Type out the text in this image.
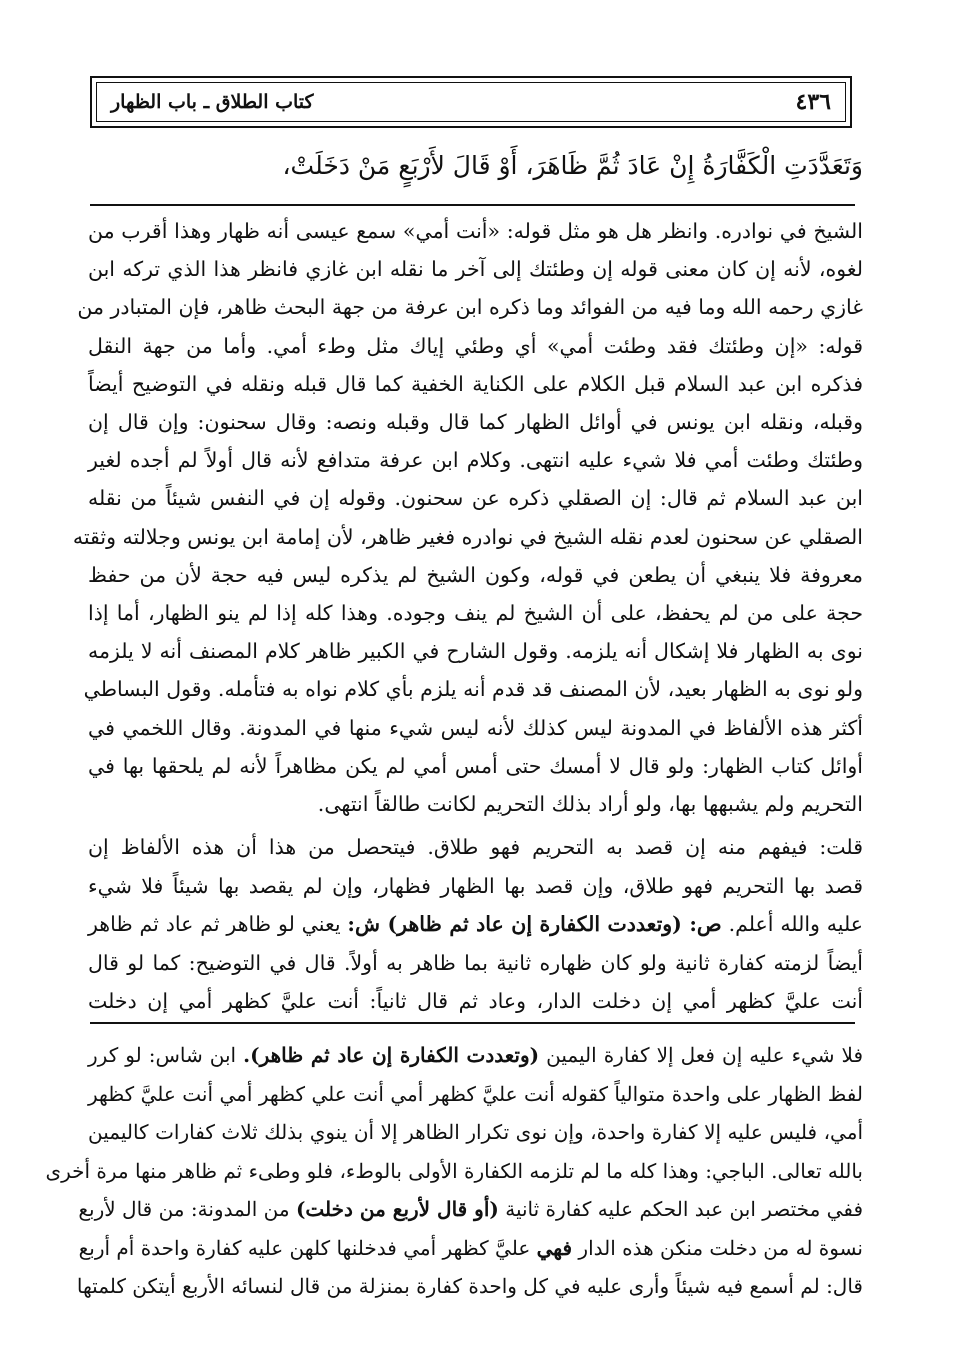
٤٣٦
كتاب الطلاق ـ باب الظهار
وَتَعَدَّدَتِ الْكَفَّارَةُ إِنْ عَادَ ثُمَّ ظَاهَرَ، أَوْ قَالَ لأَرْبَعٍ مَنْ دَخَلَتْ،
الشيخ في نوادره. وانظر هل هو مثل قوله: «أنت أمي» سمع عيسى أنه ظهار وهذا أقرب من
لغوه، لأنه إن كان معنى قوله إن وطئتك إلى آخر ما نقله ابن غازي فانظر هذا الذي تركه ابن
غازي رحمه الله وما فيه من الفوائد وما ذكره ابن عرفة من جهة البحث ظاهر، فإن المتبادر من
قوله: «إن وطئتك فقد وطئت أمي» أي وطئي إياك مثل وطء أمي. وأما من جهة النقل
فذكره ابن عبد السلام قبل الكلام على الكناية الخفية كما قال قبله ونقله في التوضيح أيضاً
وقبله، ونقله ابن يونس في أوائل الظهار كما قال وقبله ونصه: وقال سحنون: وإن قال إن
وطئتك وطئت أمي فلا شيء عليه انتهى. وكلام ابن عرفة متدافع لأنه قال أولاً لم أجده لغير
ابن عبد السلام ثم قال: إن الصقلي ذكره عن سحنون. وقوله إن في النفس شيئاً من نقله
الصقلي عن سحنون لعدم نقله الشيخ في نوادره فغير ظاهر، لأن إمامة ابن يونس وجلالته وثقته
معروفة فلا ينبغي أن يطعن في قوله، وكون الشيخ لم يذكره ليس فيه حجة لأن من حفظ
حجة على من لم يحفظ، على أن الشيخ لم ينف وجوده. وهذا كله إذا لم ينو الظهار، أما إذا
نوى به الظهار فلا إشكال أنه يلزمه. وقول الشارح في الكبير ظاهر كلام المصنف أنه لا يلزمه
ولو نوى به الظهار بعيد، لأن المصنف قد قدم أنه يلزم بأي كلام نواه به فتأمله. وقول البساطي
أكثر هذه الألفاظ في المدونة ليس كذلك لأنه ليس شيء منها في المدونة. وقال اللخمي في
أوائل كتاب الظهار: ولو قال لا أمسك حتى أمس أمي لم يكن مظاهراً لأنه لم يلحقها بها في
التحريم ولم يشبهها بها، ولو أراد بذلك التحريم لكانت طالقاً انتهى.
قلت: فيفهم منه إن قصد به التحريم فهو طلاق. فيتحصل من هذا أن هذه الألفاظ إن
قصد بها التحريم فهو طلاق، وإن قصد بها الظهار فظهار، وإن لم يقصد بها شيئاً فلا شيء
عليه والله أعلم. ص: (وتعددت الكفارة إن عاد ثم ظاهر) ش: يعني لو ظاهر ثم عاد ثم ظاهر
أيضاً لزمته كفارة ثانية ولو كان ظهاره ثانية بما ظاهر به أولاً. قال في التوضيح: كما لو قال
أنت عليَّ كظهر أمي إن دخلت الدار، وعاد ثم قال ثانياً: أنت عليَّ كظهر أمي إن دخلت
فلا شيء عليه إن فعل إلا كفارة اليمين (وتعددت الكفارة إن عاد ثم ظاهر). ابن شاس: لو كرر
لفظ الظهار على واحدة متوالياً كقوله أنت عليَّ كظهر أمي أنت علي كظهر أمي أنت عليَّ كظهر
أمي، فليس عليه إلا كفارة واحدة، وإن نوى تكرار الظاهر إلا أن ينوي بذلك ثلاث كفارات كاليمين
بالله تعالى. الباجي: وهذا كله ما لم تلزمه الكفارة الأولى بالوطء، فلو وطىء ثم ظاهر منها مرة أخرى
ففي مختصر ابن عبد الحكم عليه كفارة ثانية (أو قال لأربع من دخلت) من المدونة: من قال لأربع
نسوة له من دخلت منكن هذه الدار فهي عليَّ كظهر أمي فدخلنها كلهن عليه كفارة واحدة أم أربع
قال: لم أسمع فيه شيئاً وأرى عليه في كل واحدة كفارة بمنزلة من قال لنسائه الأربع أيتكن كلمتها
